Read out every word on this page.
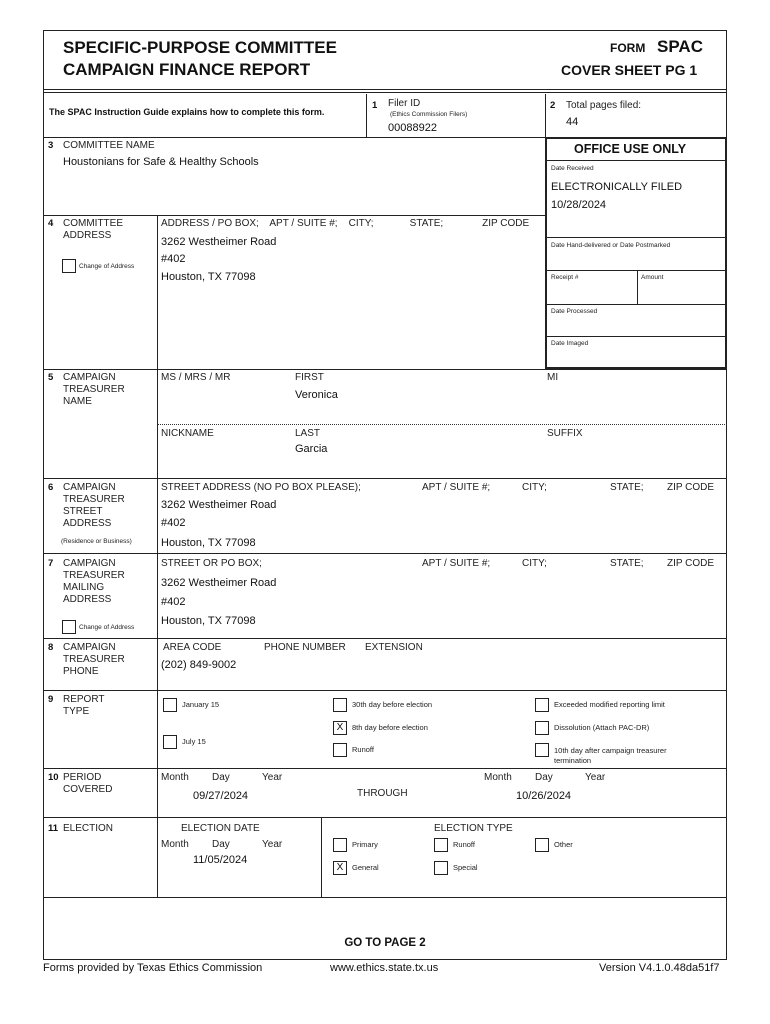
SPECIFIC-PURPOSE COMMITTEE
CAMPAIGN FINANCE REPORT
FORM SPAC
COVER SHEET PG 1
The SPAC Instruction Guide explains how to complete this form.
1 Filer ID
(Ethics Commission Filers)
00088922
2 Total pages filed:
44
3 COMMITTEE NAME
Houstonians for Safe & Healthy Schools
OFFICE USE ONLY
Date Received
ELECTRONICALLY FILED
10/28/2024
Date Hand-delivered or Date Postmarked
Receipt #	Amount
Date Processed
Date Imaged
4 COMMITTEE
ADDRESS
Change of Address
ADDRESS / PO BOX;    APT / SUITE #;    CITY;             STATE;              ZIP CODE
3262 Westheimer Road
#402
Houston, TX 77098
5 CAMPAIGN
TREASURER
NAME
MS / MRS / MR	FIRST	MI
Veronica
NICKNAME	LAST	SUFFIX
Garcia
6 CAMPAIGN
TREASURER
STREET
ADDRESS
(Residence or Business)
STREET ADDRESS (NO PO BOX PLEASE);	APT / SUITE #;	CITY;	STATE; ZIP CODE
3262 Westheimer Road
#402
Houston, TX 77098
7 CAMPAIGN
TREASURER
MAILING
ADDRESS
Change of Address
STREET OR PO BOX;	APT / SUITE #;	CITY;	STATE; ZIP CODE
3262 Westheimer Road
#402
Houston, TX 77098
8 CAMPAIGN
TREASURER
PHONE
AREA CODE	PHONE NUMBER EXTENSION
(202) 849-9002
9 REPORT
TYPE
January 15
July 15
30th day before election
X	8th day before election
Runoff
Exceeded modified reporting limit
Dissolution (Attach PAC-DR)
10th day after campaign treasurer
termination
10 PERIOD
COVERED
Month Day	Year
09/27/2024	THROUGH
Month Day	Year
10/26/2024
11 ELECTION	ELECTION DATE
Month Day	Year
11/05/2024
ELECTION TYPE
Primary
X	General
Runoff
Special
Other
GO TO PAGE 2
Forms provided by Texas Ethics Commission	www.ethics.state.tx.us	Version V4.1.0.48da51f7
